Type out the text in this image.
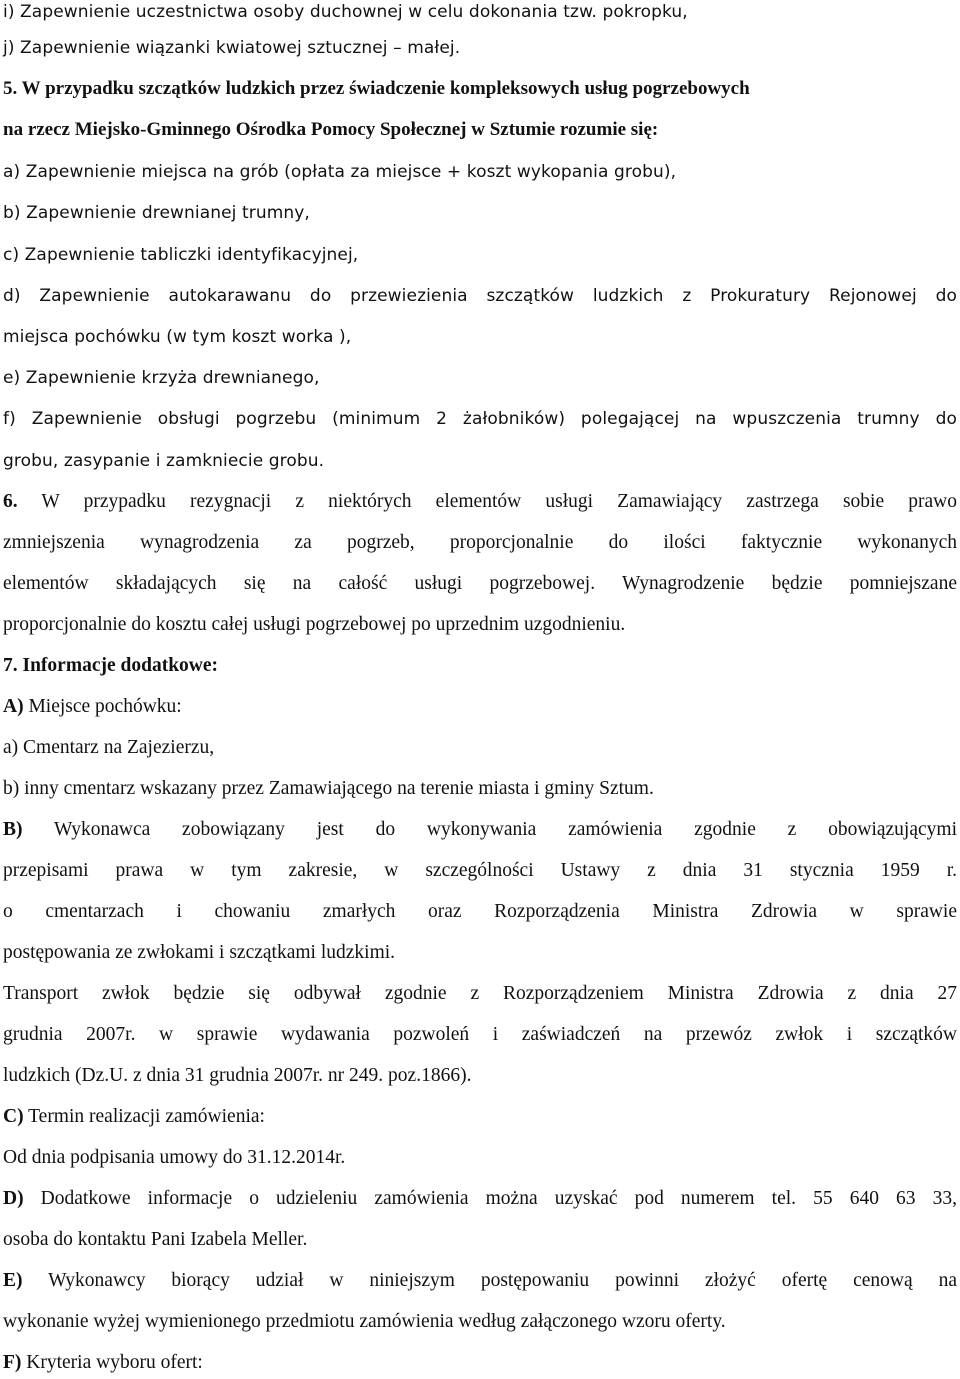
i) Zapewnienie uczestnictwa osoby duchownej w celu dokonania tzw. pokropku,
j) Zapewnienie wiązanki kwiatowej sztucznej – małej.
5. W przypadku szczątków ludzkich przez świadczenie kompleksowych usług pogrzebowych
na rzecz Miejsko-Gminnego Ośrodka Pomocy Społecznej w Sztumie rozumie się:
a) Zapewnienie miejsca na grób (opłata za miejsce + koszt wykopania grobu),
b) Zapewnienie drewnianej trumny,
c) Zapewnienie tabliczki identyfikacyjnej,
d) Zapewnienie autokarawanu do przewiezienia szczątków ludzkich z Prokuratury Rejonowej do
miejsca pochówku (w tym koszt worka ),
e) Zapewnienie krzyża drewnianego,
f) Zapewnienie obsługi pogrzebu (minimum 2 żałobników) polegającej na wpuszczenia trumny do
grobu, zasypanie i zamkniecie grobu.
6. W przypadku rezygnacji z niektórych elementów usługi Zamawiający zastrzega sobie prawo
zmniejszenia wynagrodzenia za pogrzeb, proporcjonalnie do ilości faktycznie wykonanych
elementów składających się na całość usługi pogrzebowej. Wynagrodzenie będzie pomniejszane
proporcjonalnie do kosztu całej usługi pogrzebowej po uprzednim uzgodnieniu.
7. Informacje dodatkowe:
A) Miejsce pochówku:
a) Cmentarz na Zajezierzu,
b) inny cmentarz wskazany przez Zamawiającego na terenie miasta i gminy Sztum.
B) Wykonawca zobowiązany jest do wykonywania zamówienia zgodnie z obowiązującymi
przepisami prawa w tym zakresie, w szczególności Ustawy z dnia 31 stycznia 1959 r.
o cmentarzach i chowaniu zmarłych oraz Rozporządzenia Ministra Zdrowia w sprawie
postępowania ze zwłokami i szczątkami ludzkimi.
Transport zwłok będzie się odbywał zgodnie z Rozporządzeniem Ministra Zdrowia z dnia 27
grudnia 2007r. w sprawie wydawania pozwoleń i zaświadczeń na przewóz zwłok i szczątków
ludzkich (Dz.U. z dnia 31 grudnia 2007r. nr 249. poz.1866).
C) Termin realizacji zamówienia:
Od dnia podpisania umowy do 31.12.2014r.
D) Dodatkowe informacje o udzieleniu zamówienia można uzyskać pod numerem tel. 55 640 63 33,
osoba do kontaktu Pani Izabela Meller.
E) Wykonawcy biorący udział w niniejszym postępowaniu powinni złożyć ofertę cenową na
wykonanie wyżej wymienionego przedmiotu zamówienia według załączonego wzoru oferty.
F) Kryteria wyboru ofert:
